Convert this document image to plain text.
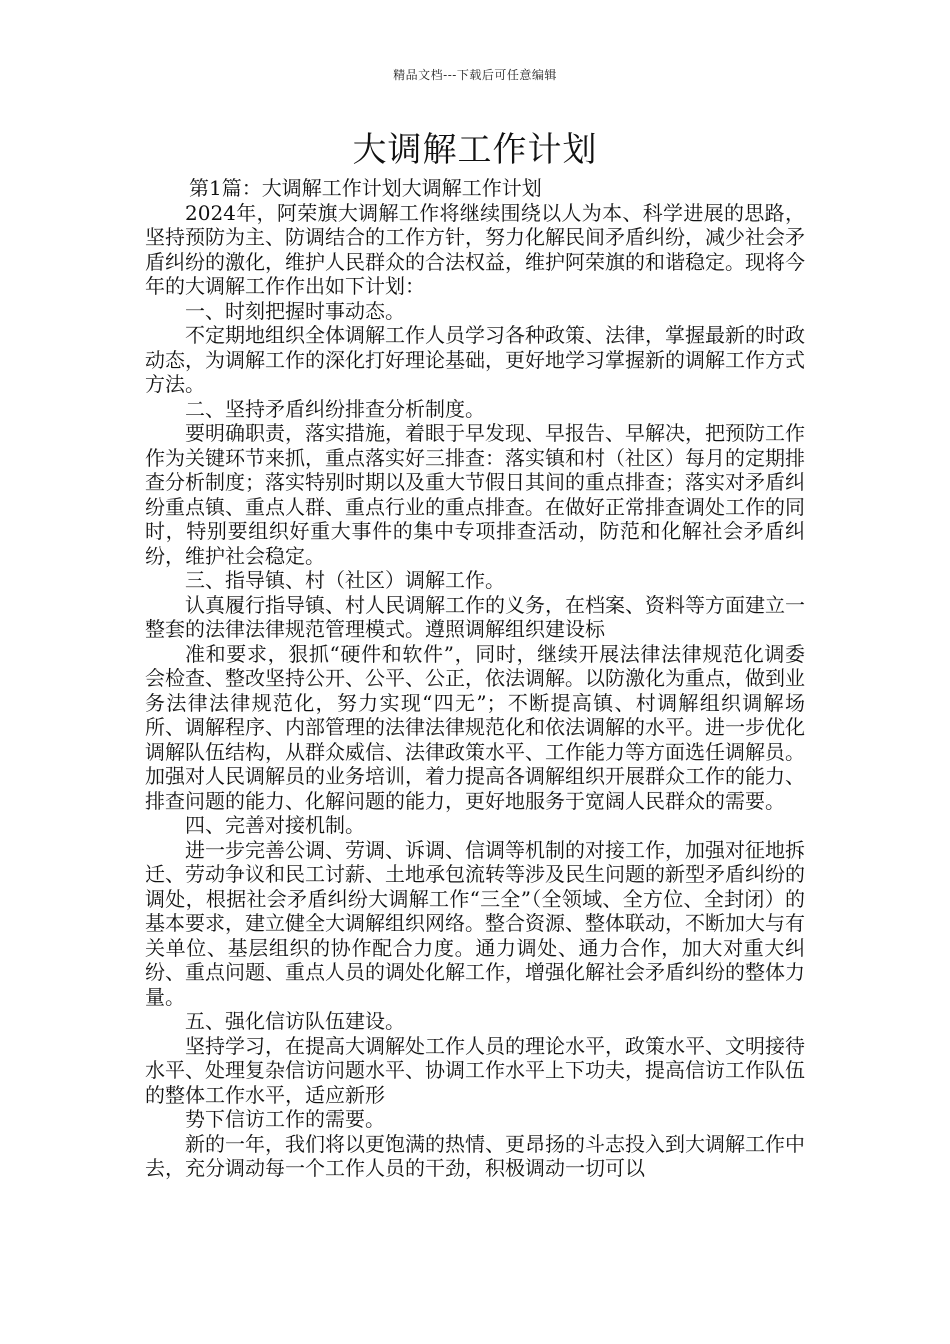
精品文档---下载后可任意编辑
大调解工作计划

第1篇：大调解工作计划大调解工作计划

2024年，阿荣旗大调解工作将继续围绕以人为本、科学进展的思路，坚持预防为主、防调结合的工作方针，努力化解民间矛盾纠纷，减少社会矛盾纠纷的激化，维护人民群众的合法权益，维护阿荣旗的和谐稳定。现将今年的大调解工作作出如下计划：

一、时刻把握时事动态。

不定期地组织全体调解工作人员学习各种政策、法律，掌握最新的时政动态，为调解工作的深化打好理论基础，更好地学习掌握新的调解工作方式方法。

二、坚持矛盾纠纷排查分析制度。

要明确职责，落实措施，着眼于早发现、早报告、早解决，把预防工作作为关键环节来抓，重点落实好三排查：落实镇和村（社区）每月的定期排查分析制度；落实特别时期以及重大节假日其间的重点排查；落实对矛盾纠纷重点镇、重点人群、重点行业的重点排查。在做好正常排查调处工作的同时，特别要组织好重大事件的集中专项排查活动，防范和化解社会矛盾纠纷，维护社会稳定。

三、指导镇、村（社区）调解工作。

认真履行指导镇、村人民调解工作的义务，在档案、资料等方面建立一整套的法律法律规范管理模式。遵照调解组织建设标

准和要求，狠抓“硬件和软件”，同时，继续开展法律法律规范化调委会检查、整改坚持公开、公平、公正，依法调解。以防激化为重点，做到业务法律法律规范化，努力实现“四无”；不断提高镇、村调解组织调解场所、调解程序、内部管理的法律法律规范化和依法调解的水平。进一步优化调解队伍结构，从群众威信、法律政策水平、工作能力等方面选任调解员。加强对人民调解员的业务培训，着力提高各调解组织开展群众工作的能力、排查问题的能力、化解问题的能力，更好地服务于宽阔人民群众的需要。

四、完善对接机制。

进一步完善公调、劳调、诉调、信调等机制的对接工作，加强对征地拆迁、劳动争议和民工讨薪、土地承包流转等涉及民生问题的新型矛盾纠纷的调处，根据社会矛盾纠纷大调解工作“三全”（全领域、全方位、全封闭）的基本要求，建立健全大调解组织网络。整合资源、整体联动，不断加大与有关单位、基层组织的协作配合力度。通力调处、通力合作，加大对重大纠纷、重点问题、重点人员的调处化解工作，增强化解社会矛盾纠纷的整体力量。

五、强化信访队伍建设。

坚持学习，在提高大调解处工作人员的理论水平，政策水平、文明接待水平、处理复杂信访问题水平、协调工作水平上下功夫，提高信访工作队伍的整体工作水平，适应新形

势下信访工作的需要。

新的一年，我们将以更饱满的热情、更昂扬的斗志投入到大调解工作中去，充分调动每一个工作人员的干劲，积极调动一切可以
